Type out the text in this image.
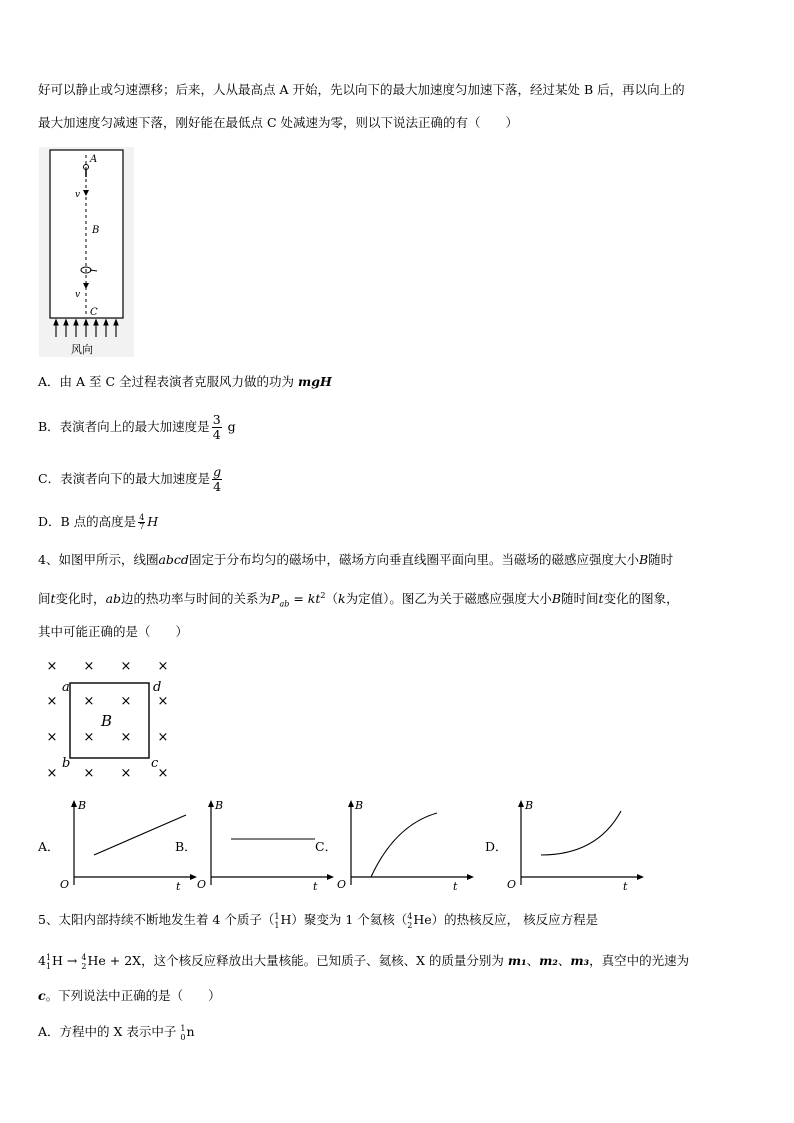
好可以静止或匀速漂移；后来，人从最高点 A 开始，先以向下的最大加速度匀加速下落，经过某处 B 后，再以向上的
最大加速度匀减速下落，刚好能在最低点 C 处减速为零，则以下说法正确的有（　　）
A
B
C
v
v
风向
A．由 A 至 C 全过程表演者克服风力做的功为 mgH
B．表演者向上的最大加速度是 $\frac{3}{4}$ g
C．表演者向下的最大加速度是 $\frac{g}{4}$
D．B 点的高度是 $\frac{4}{7}$ H
4、如图甲所示，线圈abcd固定于分布均匀的磁场中，磁场方向垂直线圈平面向里。当磁场的磁感应强度大小B随时
间t变化时，ab边的热功率与时间的关系为$P_{ab} = kt^2(k$为定值）。图乙为关于磁感应强度大小B随时间t变化的图象，
其中可能正确的是（　　）
× × × ×
× × × ×
× × × ×
× × × ×
a	d
b	c
B
A．
B
t
O
B．
B
t
O
C．
B
t
O
D．
B
t
O
5、太阳内部持续不断地发生着 4 个质子（ 1
1 H）聚变为 1 个氦核（ 4
2 He）的热核反应， 核反应方程是
4 1
1 H → 4
2 He + 2X，这个核反应释放出大量核能。已知质子、氦核、X 的质量分别为 m₁、m₂、m₃，真空中的光速为
c。下列说法中正确的是（　　）
A．方程中的 X 表示中子 1
0 n
